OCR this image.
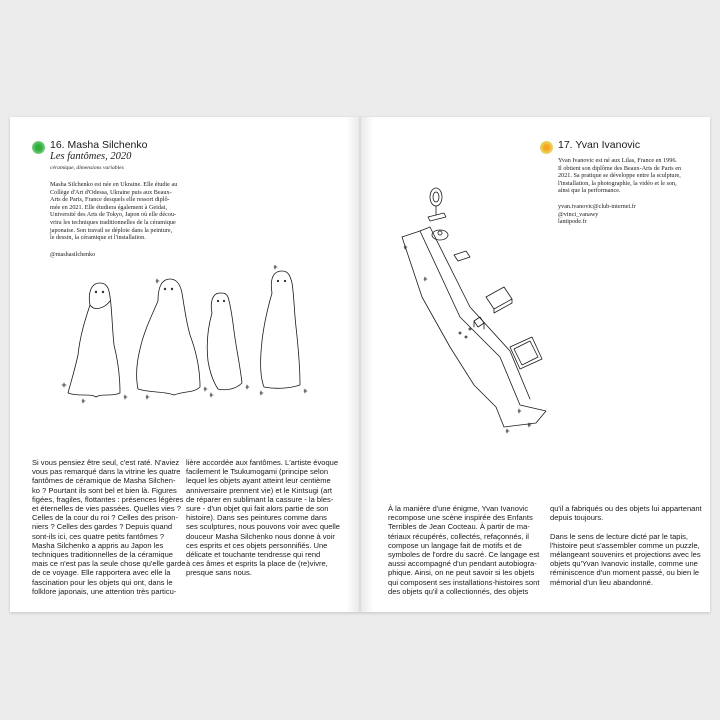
16. Masha Silchenko
Les fantômes, 2020
céramique, dimensions variables
Masha Silchenko est née en Ukraine. Elle étudie au
Collège d'Art d'Odessa, Ukraine puis aux Beaux-
Arts de Paris, France desquels elle ressort diplô-
mée en 2021. Elle étudiera également à Geidai,
Université des Arts de Tokyo, Japon où elle décou-
vrira les techniques traditionnelles de la céramique
japonaise. Son travail se déploie dans la peinture,
le dessin, la céramique et l'installation.
@mashasilchenko
Si vous pensiez être seul, c'est raté. N'aviez
vous pas remarqué dans la vitrine les quatre
fantômes de céramique de Masha Silchen-
ko ? Pourtant ils sont bel et bien là. Figures
figées, fragiles, flottantes : présences légères
et éternelles de vies passées. Quelles vies ?
Celles de la cour du roi ? Celles des prison-
niers ? Celles des gardes ? Depuis quand
sont-ils ici, ces quatre petits fantômes ?
Masha Silchenko a appris au Japon les
techniques traditionnelles de la céramique
mais ce n'est pas la seule chose qu'elle garde
de ce voyage. Elle rapportera avec elle la
fascination pour les objets qui ont, dans le
folklore japonais, une attention très particu-
lière accordée aux fantômes. L'artiste évoque
facilement le Tsukumogami (principe selon
lequel les objets ayant atteint leur centième
anniversaire prennent vie) et le Kintsugi (art
de réparer en sublimant la cassure - la bles-
sure - d'un objet qui fait alors partie de son
histoire). Dans ses peintures comme dans
ses sculptures, nous pouvons voir avec quelle
douceur Masha Silchenko nous donne à voir
ces esprits et ces objets personnifiés. Une
délicate et touchante tendresse qui rend
à ces âmes et esprits la place de (re)vivre,
presque sans nous.
17. Yvan Ivanovic
Yvan Ivanovic est né aux Lilas, France en 1996.
Il obtient son diplôme des Beaux-Arts de Paris en
2021. Sa pratique se développe entre la sculpture,
l'installation, la photographie, la vidéo et le son,
ainsi que la performance.
yvan.ivanovic@club-internet.fr
@vinci_vanawy
lantipode.fr
À la manière d'une énigme, Yvan Ivanovic
recompose une scène inspirée des Enfants
Terribles de Jean Cocteau. À partir de ma-
tériaux récupérés, collectés, refaçonnés, il
compose un langage fait de motifs et de
symboles de l'ordre du sacré. Ce langage est
aussi accompagné d'un pendant autobiogra-
phique. Ainsi, on ne peut savoir si les objets
qui composent ses installations-histoires sont
des objets qu'il a collectionnés, des objets
qu'il a fabriqués ou des objets lui appartenant
depuis toujours.
Dans le sens de lecture dicté par le tapis,
l'histoire peut s'assembler comme un puzzle,
mélangeant souvenirs et projections avec les
objets qu'Yvan Ivanovic installe, comme une
réminiscence d'un moment passé, ou bien le
mémorial d'un lieu abandonné.
